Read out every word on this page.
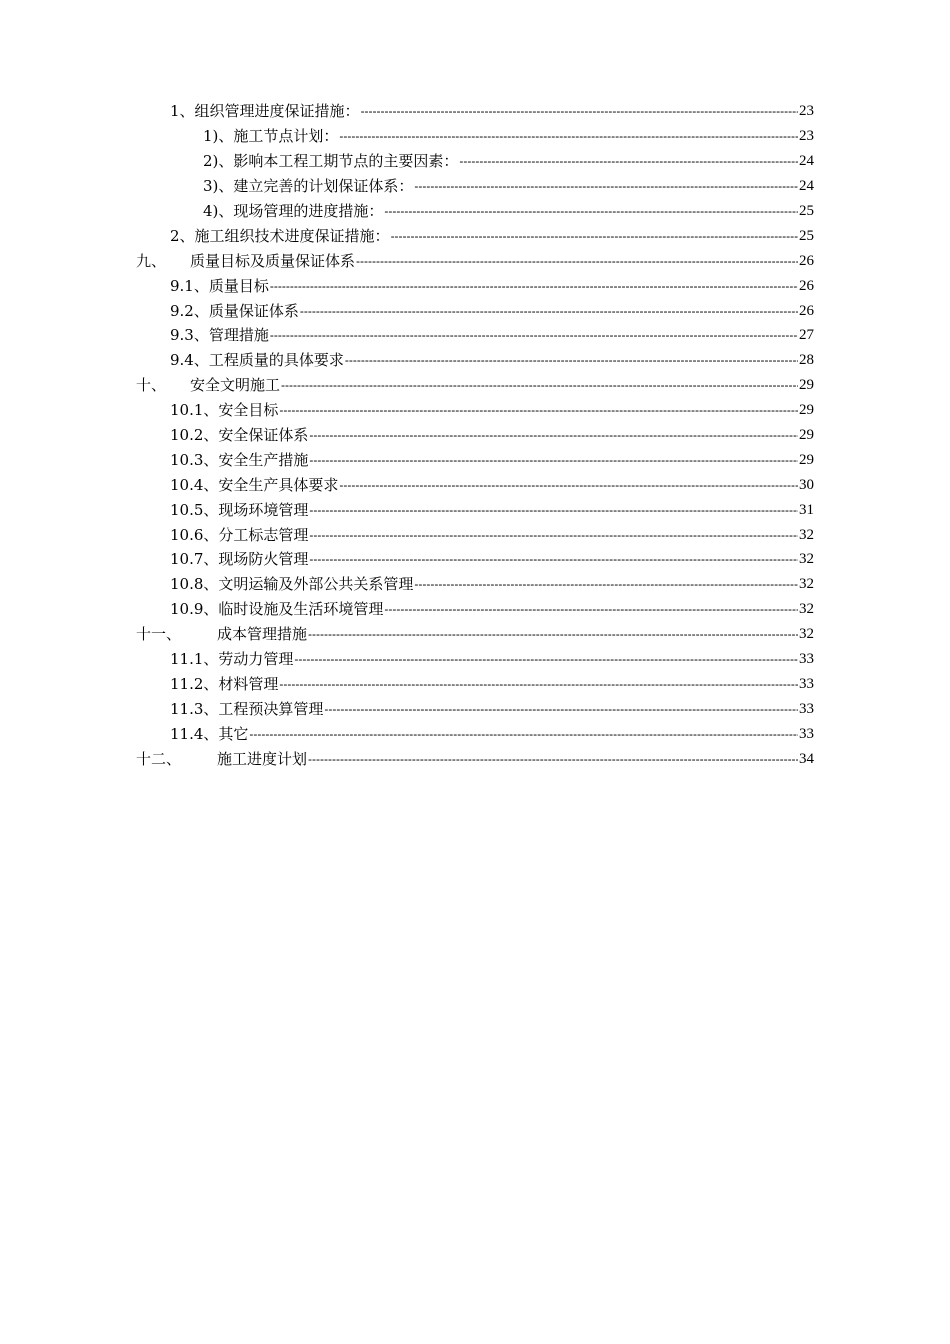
1、 组织管理进度保证措施： -----	23
1)、 施工节点计划： -----	23
2)、 影响本工程工期节点的主要因素： -----	24
3)、 建立完善的计划保证体系： -----	24
4)、 现场管理的进度措施： -----	25
2、 施工组织技术进度保证措施： -----	25
九、 质量目标及质量保证体系 -----	26
9.1、 质量目标 -----	26
9.2、 质量保证体系 -----	26
9.3、 管理措施 -----	27
9.4、 工程质量的具体要求 -----	28
十、 安全文明施工 -----	29
10.1、 安全目标 -----	29
10.2、 安全保证体系 -----	29
10.3、 安全生产措施 -----	29
10.4、 安全生产具体要求 -----	30
10.5、 现场环境管理 -----	31
10.6、 分工标志管理 -----	32
10.7、 现场防火管理 -----	32
10.8、 文明运输及外部公共关系管理 -----	32
10.9、 临时设施及生活环境管理 -----	32
十一、 成本管理措施 -----	32
11.1、 劳动力管理 -----	33
11.2、 材料管理 -----	33
11.3、 工程预决算管理 -----	33
11.4、 其它 -----	33
十二、 施工进度计划 -----	34
